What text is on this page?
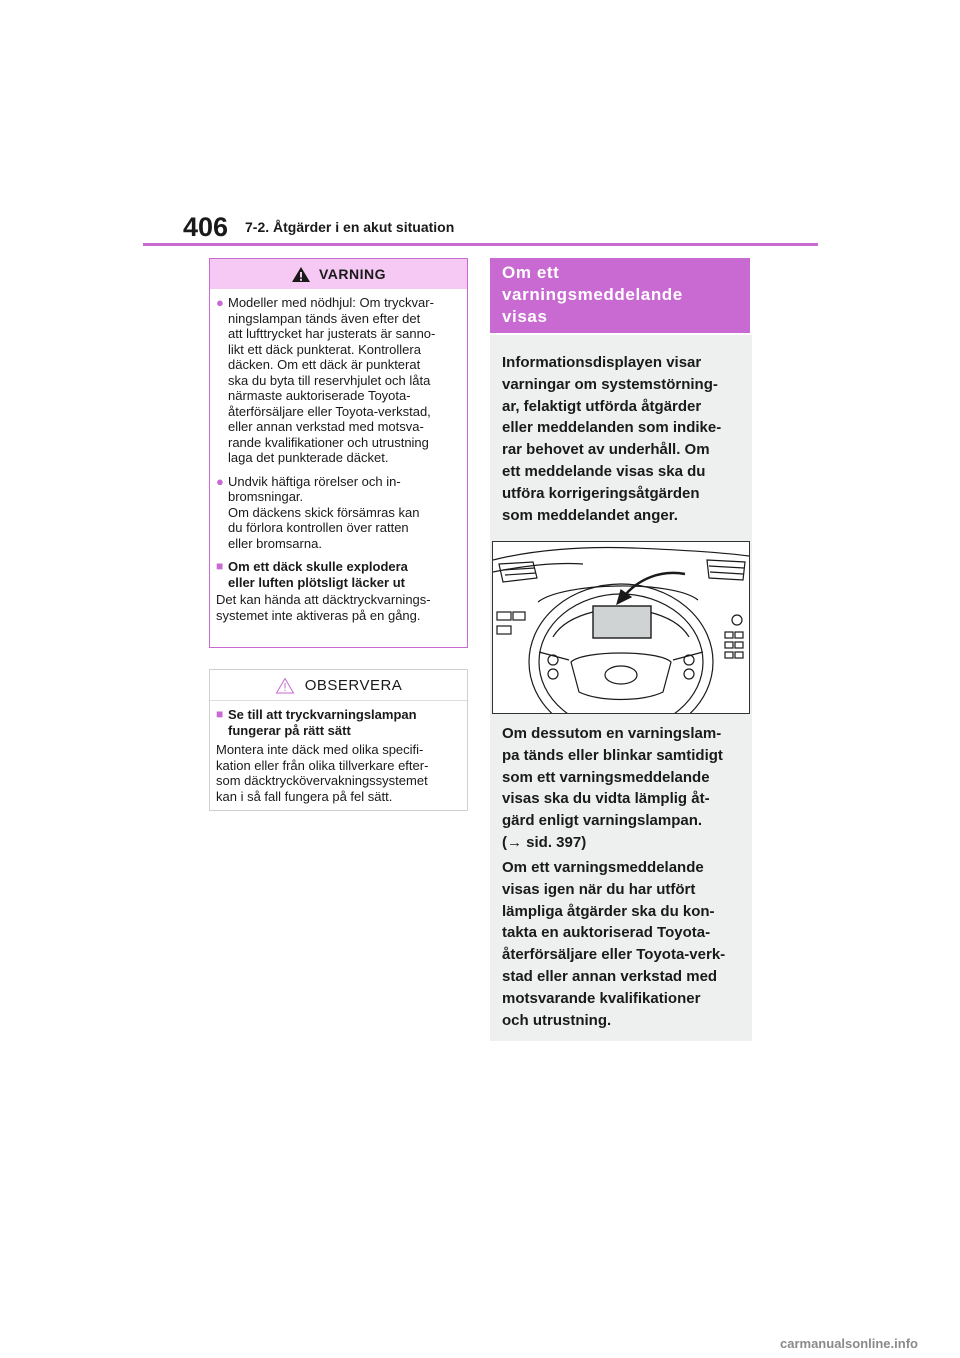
406 7-2. Åtgärder i en akut situation
VARNING
● Modeller med nödhjul: Om tryckvar-
ningslampan tänds även efter det
att lufttrycket har justerats är sanno-
likt ett däck punkterat. Kontrollera
däcken. Om ett däck är punkterat
ska du byta till reservhjulet och låta
närmaste auktoriserade Toyota-
återförsäljare eller Toyota-verkstad,
eller annan verkstad med motsva-
rande kvalifikationer och utrustning
laga det punkterade däcket.
● Undvik häftiga rörelser och in-
bromsningar.
Om däckens skick försämras kan
du förlora kontrollen över ratten
eller bromsarna.
■ Om ett däck skulle explodera
eller luften plötsligt läcker ut
Det kan hända att däcktryckvarnings-
systemet inte aktiveras på en gång.
OBSERVERA
■ Se till att tryckvarningslampan
fungerar på rätt sätt
Montera inte däck med olika specifi-
kation eller från olika tillverkare efter-
som däcktryckövervakningssystemet
kan i så fall fungera på fel sätt.
Om ett
varningsmeddelande
visas

Informationsdisplayen visar
varningar om systemstörning-
ar, felaktigt utförda åtgärder
eller meddelanden som indike-
rar behovet av underhåll. Om
ett meddelande visas ska du
utföra korrigeringsåtgärden
som meddelandet anger.

Om dessutom en varningslam-
pa tänds eller blinkar samtidigt
som ett varningsmeddelande
visas ska du vidta lämplig åt-
gärd enligt varningslampan.

(→ sid. 397)

Om ett varningsmeddelande
visas igen när du har utfört
lämpliga åtgärder ska du kon-
takta en auktoriserad Toyota-
återförsäljare eller Toyota-verk-
stad eller annan verkstad med
motsvarande kvalifikationer
och utrustning.

carmanualsonline.info
